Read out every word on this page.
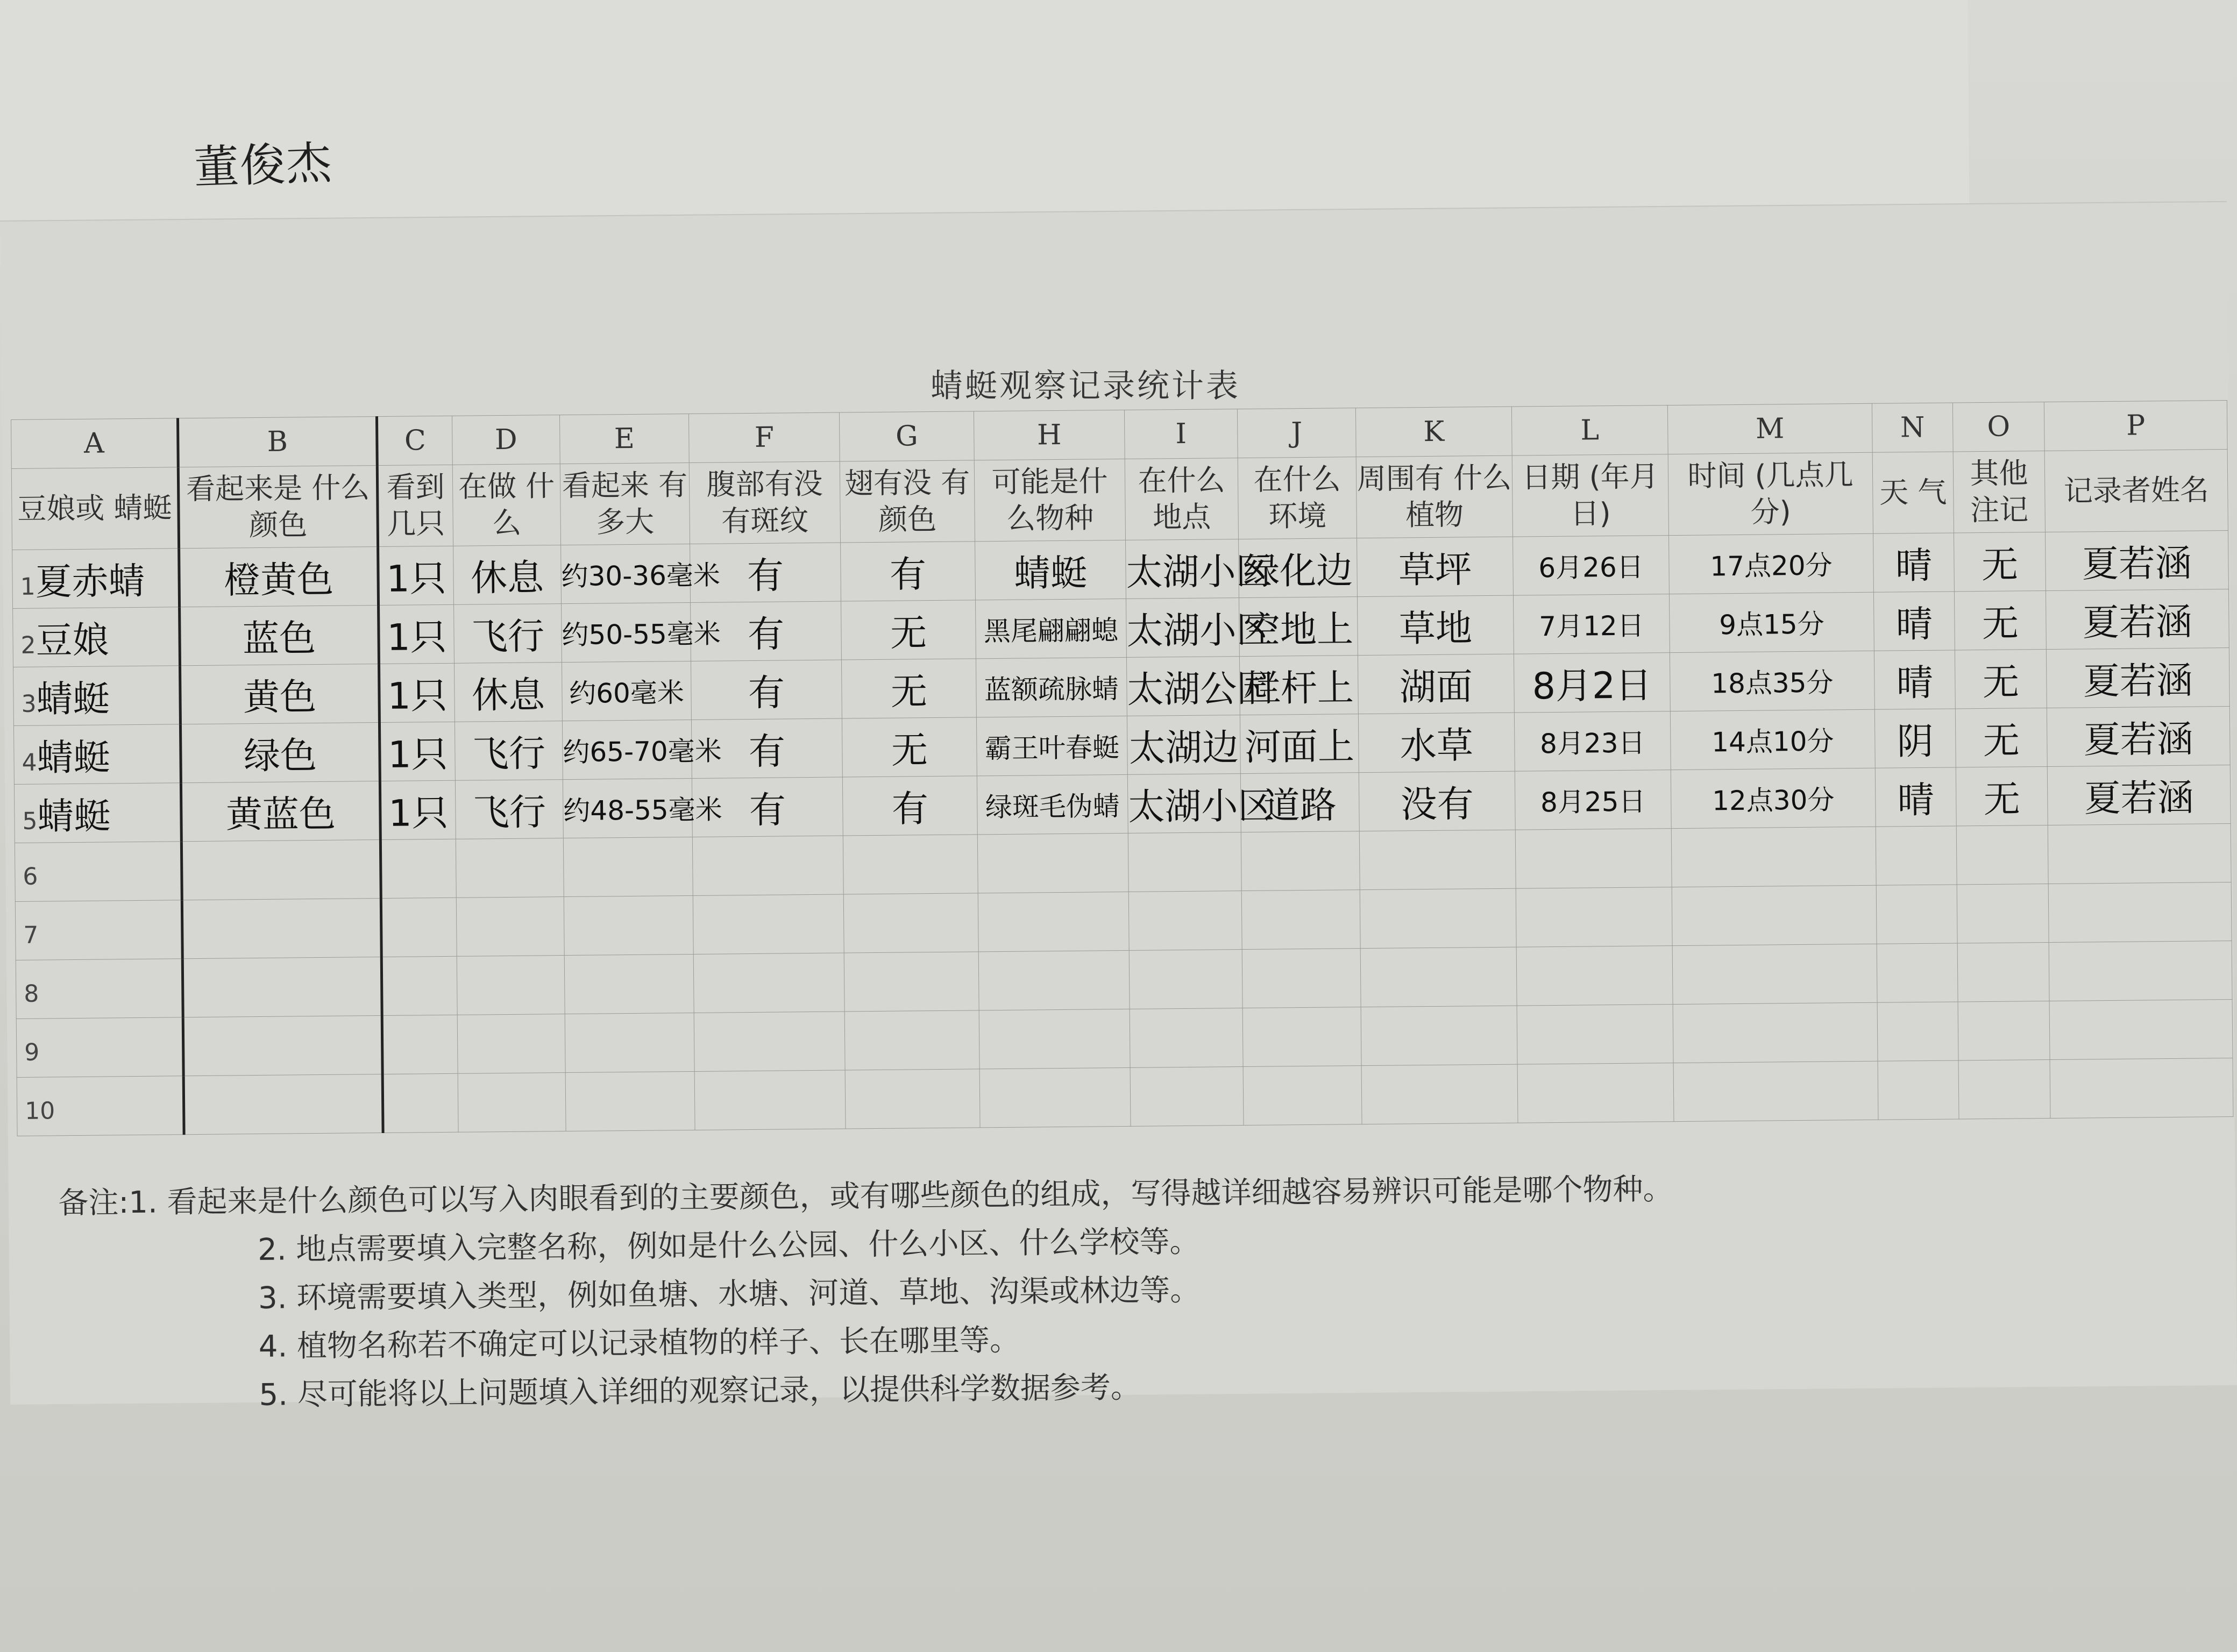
董俊杰
蜻蜓观察记录统计表
A	B	C	D	E	F	G	H	I	J	K	L	M	N	O	P
豆娘或 蜻蜓	看起来是 什么颜色	看到 几只	在做 什么	看起来 有多大	腹部有没 有斑纹	翅有没 有颜色	可能是什 么物种	在什么 地点	在什么 环境	周围有 什么植物	日期 (年月日)	时间 (几点几分)	天 气	其他 注记	记录者姓名
1夏赤蜻	橙黄色	1只	休息	约30-36毫米	有	有	蜻蜓	太湖小区	绿化边	草坪	6月26日	17点20分	晴	无	夏若涵
2豆娘	蓝色	1只	飞行	约50-55毫米	有	无	黑尾翩翩螅	太湖小区	空地上	草地	7月12日	9点15分	晴	无	夏若涵
3蜻蜓	黄色	1只	休息	约60毫米	有	无	蓝额疏脉蜻	太湖公园	栏杆上	湖面	8月2日	18点35分	晴	无	夏若涵
4蜻蜓	绿色	1只	飞行	约65-70毫米	有	无	霸王叶春蜓	太湖边	河面上	水草	8月23日	14点10分	阴	无	夏若涵
5蜻蜓	黄蓝色	1只	飞行	约48-55毫米	有	有	绿斑毛伪蜻	太湖小区	道路	没有	8月25日	12点30分	晴	无	夏若涵
6															
7															
8															
9															
10															
备注:1. 看起来是什么颜色可以写入肉眼看到的主要颜色，或有哪些颜色的组成，写得越详细越容易辨识可能是哪个物种。
2. 地点需要填入完整名称，例如是什么公园、什么小区、什么学校等。
3. 环境需要填入类型，例如鱼塘、水塘、河道、草地、沟渠或林边等。
4. 植物名称若不确定可以记录植物的样子、长在哪里等。
5. 尽可能将以上问题填入详细的观察记录，以提供科学数据参考。
